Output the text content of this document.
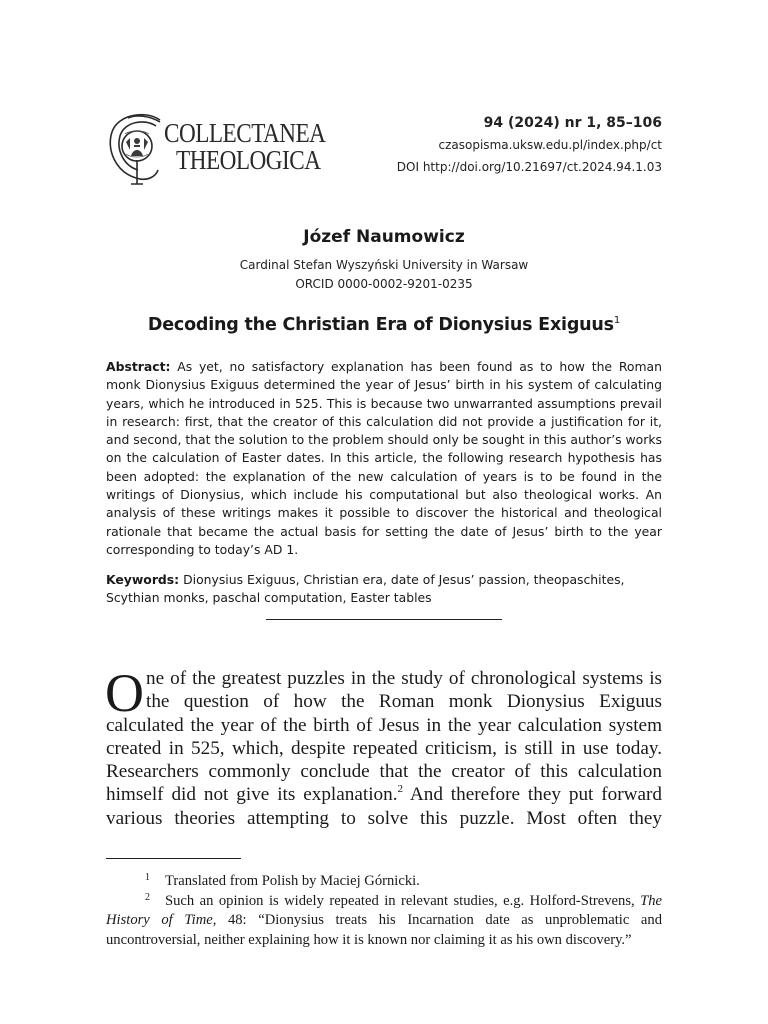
COLLECTANEA
THEOLOGICA
94 (2024) nr 1, 85–106
czasopisma.uksw.edu.pl/index.php/ct
DOI http://doi.org/10.21697/ct.2024.94.1.03
Józef Naumowicz
Cardinal Stefan Wyszyński University in Warsaw
ORCID 0000-0002-9201-0235
Decoding the Christian Era of Dionysius Exiguus$^1$
Abstract: As yet, no satisfactory explanation has been found as to how the Roman monk Dionysius Exiguus determined the year of Jesus’ birth in his system of calculating years, which he introduced in 525. This is because two unwarranted assumptions prevail in research: first, that the creator of this calculation did not provide a justification for it, and second, that the solution to the problem should only be sought in this author’s works on the calculation of Easter dates. In this article, the following research hypothesis has been adopted: the explanation of the new calculation of years is to be found in the writings of Dionysius, which include his computational but also theological works. An analysis of these writings makes it possible to discover the historical and theological rationale that became the actual basis for setting the date of Jesus’ birth to the year corresponding to today’s AD 1.
Keywords: Dionysius Exiguus, Christian era, date of Jesus’ passion, theopaschites, Scythian monks, paschal computation, Easter tables
One of the greatest puzzles in the study of chronological systems is the question of how the Roman monk Dionysius Exiguus calculated the year of the birth of Jesus in the year calculation system created in 525, which, despite repeated criticism, is still in use today. Researchers commonly conclude that the creator of this calculation himself did not give its explanation.$^2$ And therefore they put forward various theories attempting to solve this puzzle. Most often they
1 Translated from Polish by Maciej Górnicki.
2 Such an opinion is widely repeated in relevant studies, e.g. Holford-Strevens, The History of Time, 48: “Dionysius treats his Incarnation date as unproblematic and uncontroversial, neither explaining how it is known nor claiming it as his own discovery.”
